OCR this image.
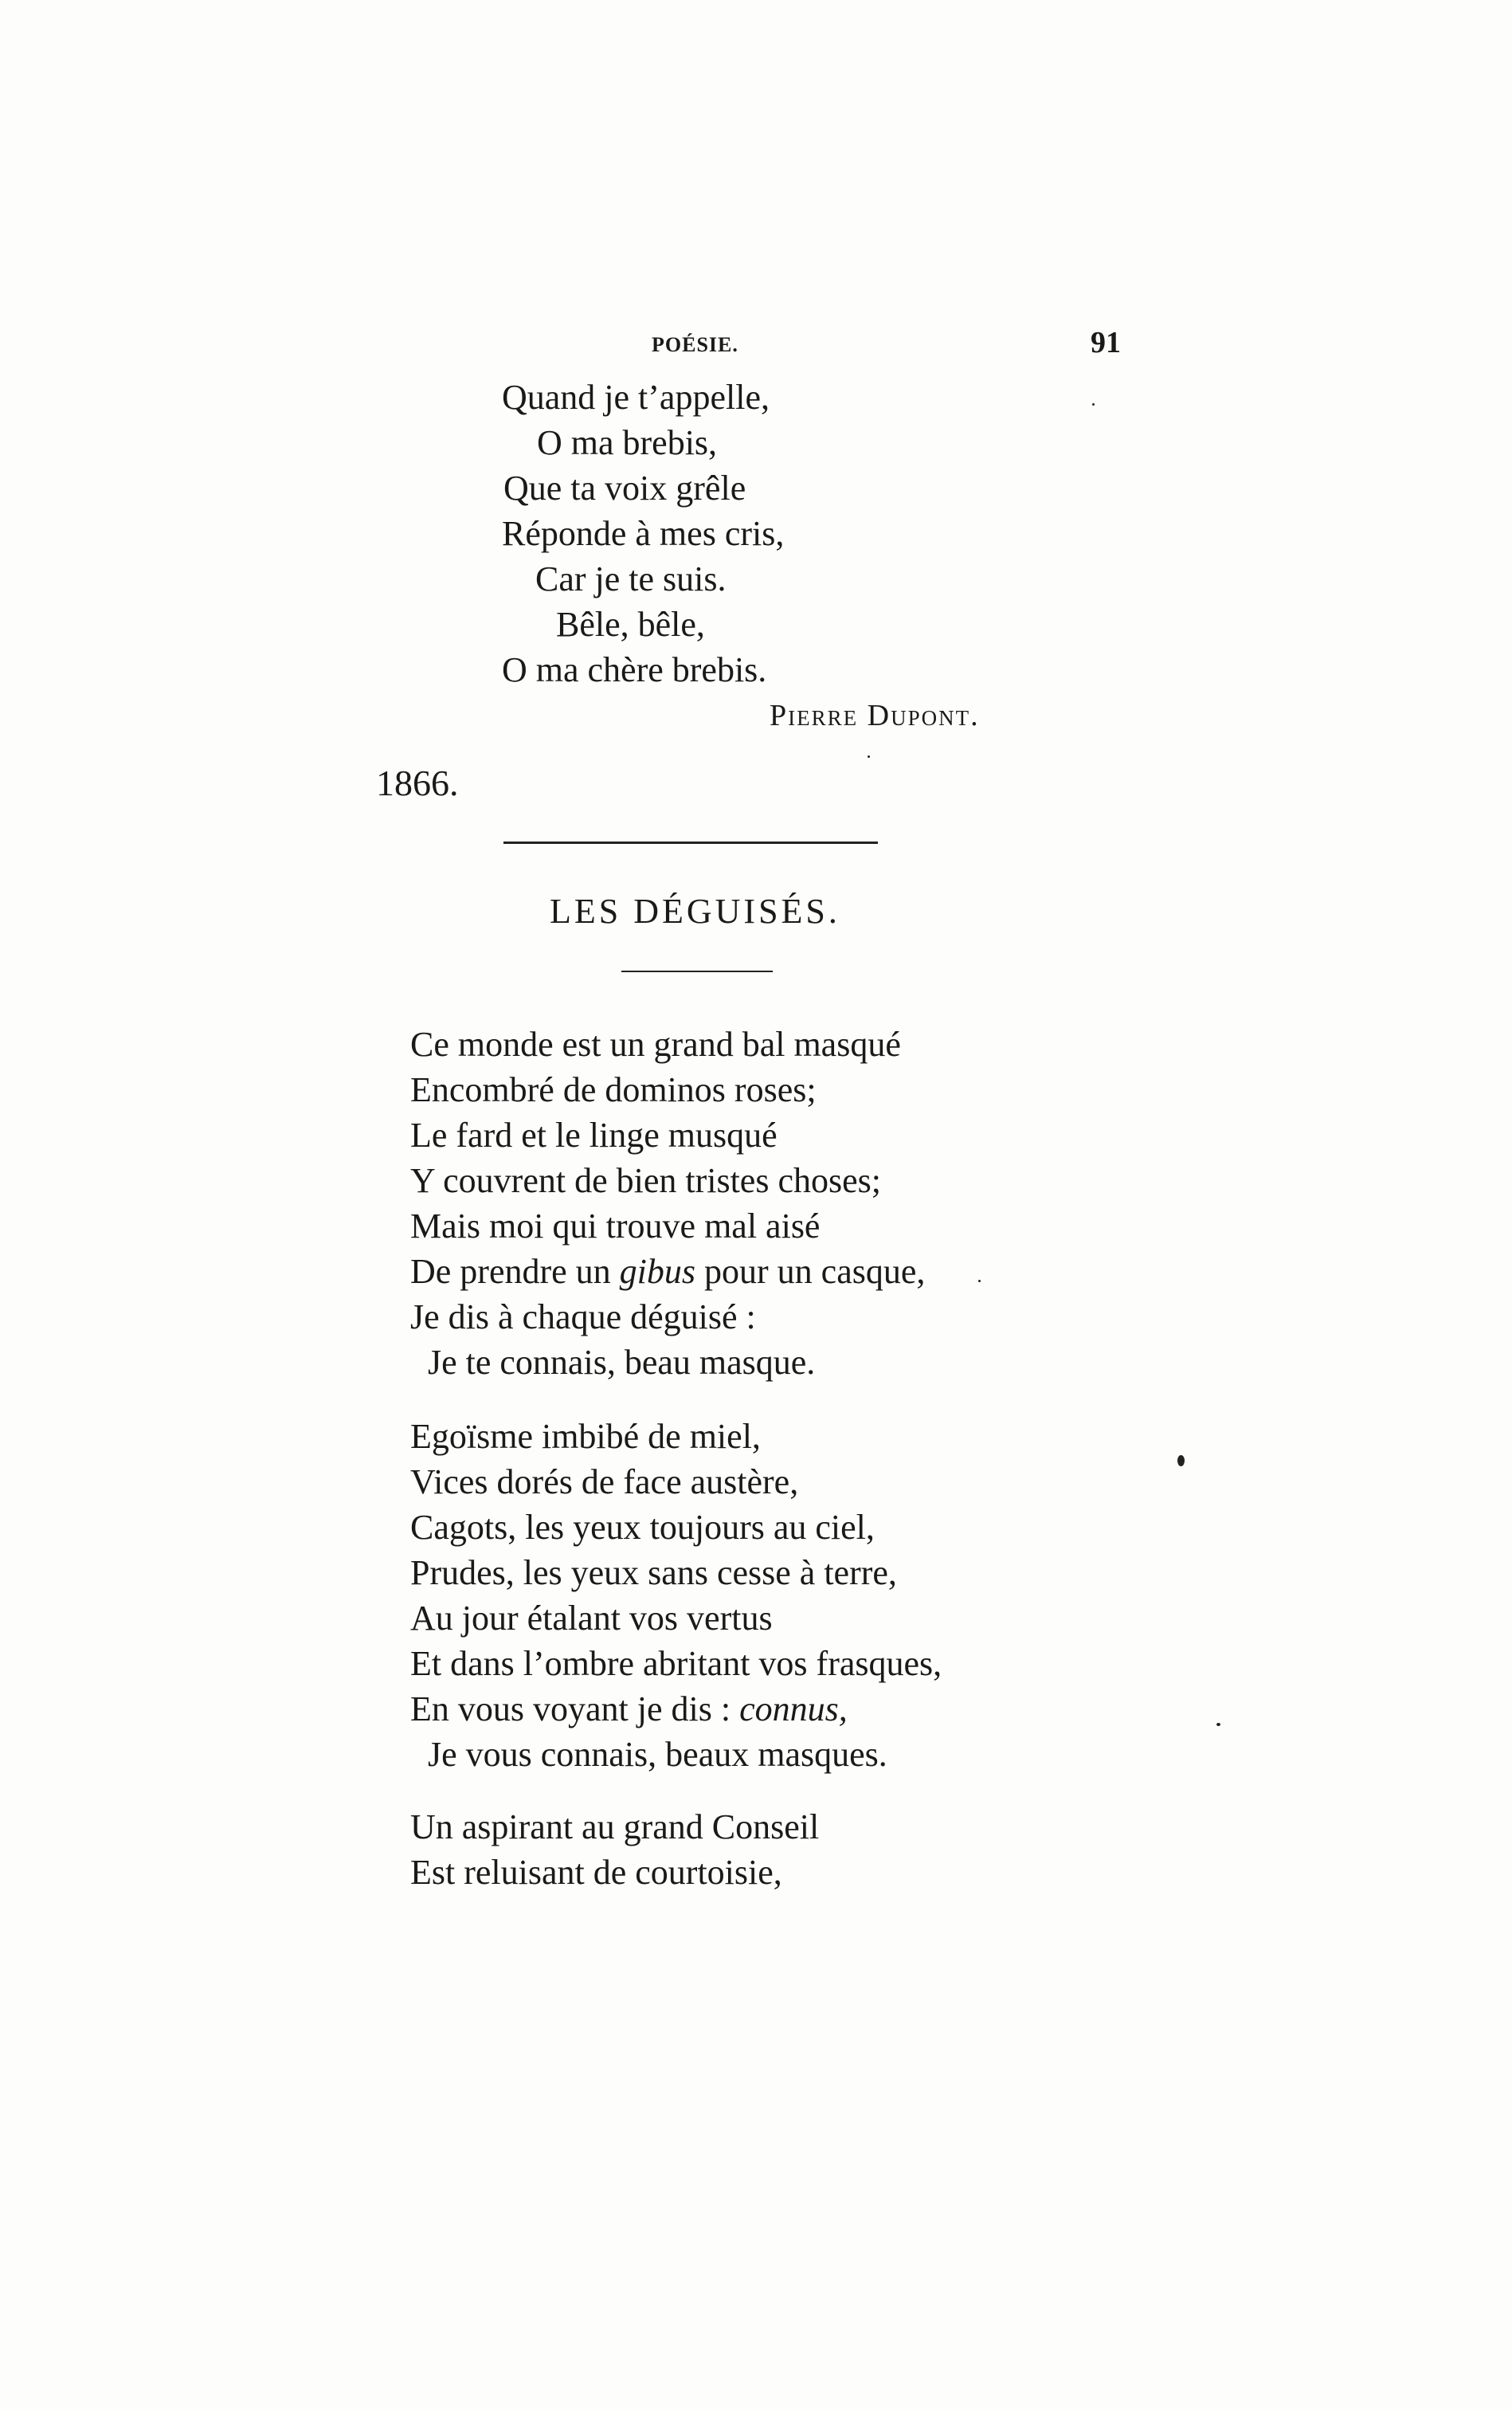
POÉSIE.	91
Quand je t’appelle,
O ma brebis,
Que ta voix grêle
Réponde à mes cris,
Car je te suis.
Bêle, bêle,
O ma chère brebis.
Pierre Dupont.
1866.
LES DÉGUISÉS.
Ce monde est un grand bal masqué
Encombré de dominos roses;
Le fard et le linge musqué
Y couvrent de bien tristes choses;
Mais moi qui trouve mal aisé
De prendre un gibus pour un casque,
Je dis à chaque déguisé :
Je te connais, beau masque.
Egoïsme imbibé de miel,
Vices dorés de face austère,
Cagots, les yeux toujours au ciel,
Prudes, les yeux sans cesse à terre,
Au jour étalant vos vertus
Et dans l’ombre abritant vos frasques,
En vous voyant je dis : connus,
Je vous connais, beaux masques.
Un aspirant au grand Conseil
Est reluisant de courtoisie,
